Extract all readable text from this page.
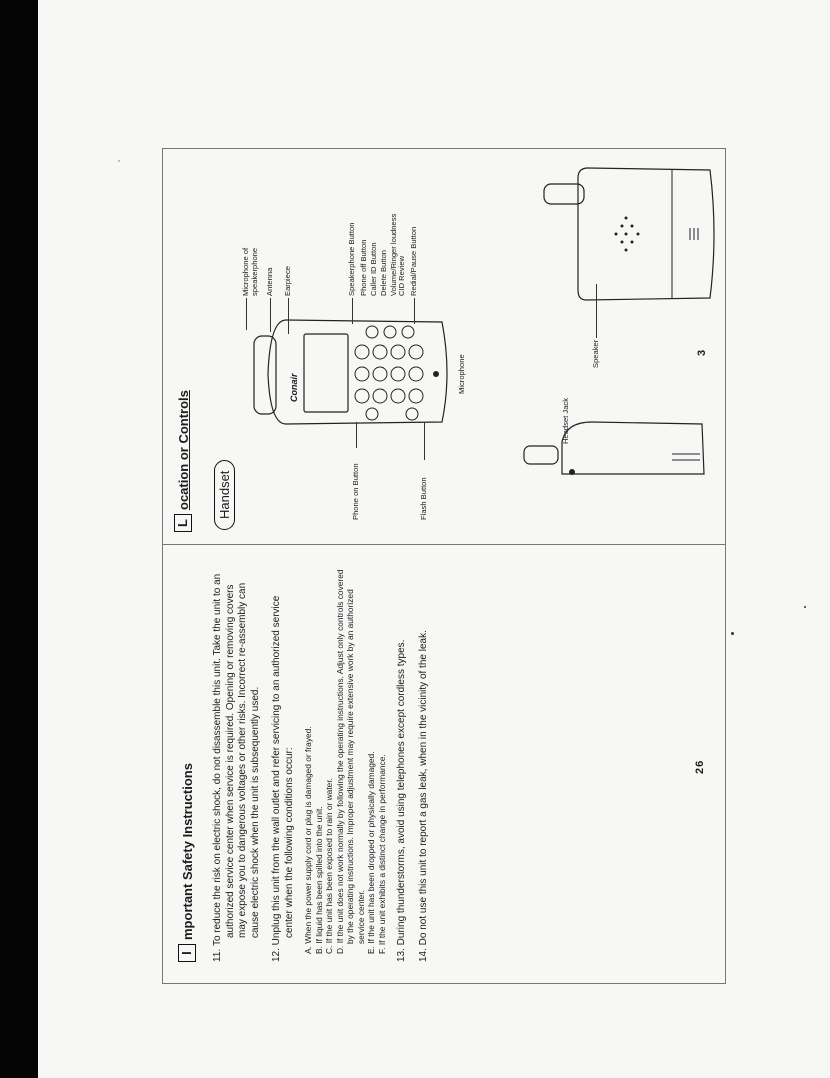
I
mportant Safety Instructions
11. To reduce the risk on electric shock, do not disassemble this unit. Take the unit to an authorized service center when service is required. Opening or removing covers may expose you to dangerous voltages or other risks. Incorrect re-assembly can cause electric shock when the unit is subsequently used.
12. Unplug this unit from the wall outlet and refer servicing to an authorized service center when the following conditions occur:
A. When the power supply cord or plug is damaged or frayed.
B. If liquid has been spilled into the unit.
C. If the unit has been exposed to rain or water.
D. If the unit does not work normally by following the operating instructions. Adjust only controls covered by the operating instructions. Improper adjustment may require extensive work by an authorized service center.
E. If the unit has been dropped or physically damaged.
F. If the unit exhibits a distinct change in performance.
13. During thunderstorms, avoid using telephones except cordless types.
14. Do not use this unit to report a gas leak, when in the vicinity of the leak.	26
L
ocation or Controls Handset
Conair
Microphone of speakerphone Antenna Earpiece	Speakerphone Button Phone off Button Caller ID Button Delete Button Volume/Ringer loudness CID Review Redial/Pause Button
Phone on Button	Flash Button
Microphone
Headset Jack
Speaker	3
